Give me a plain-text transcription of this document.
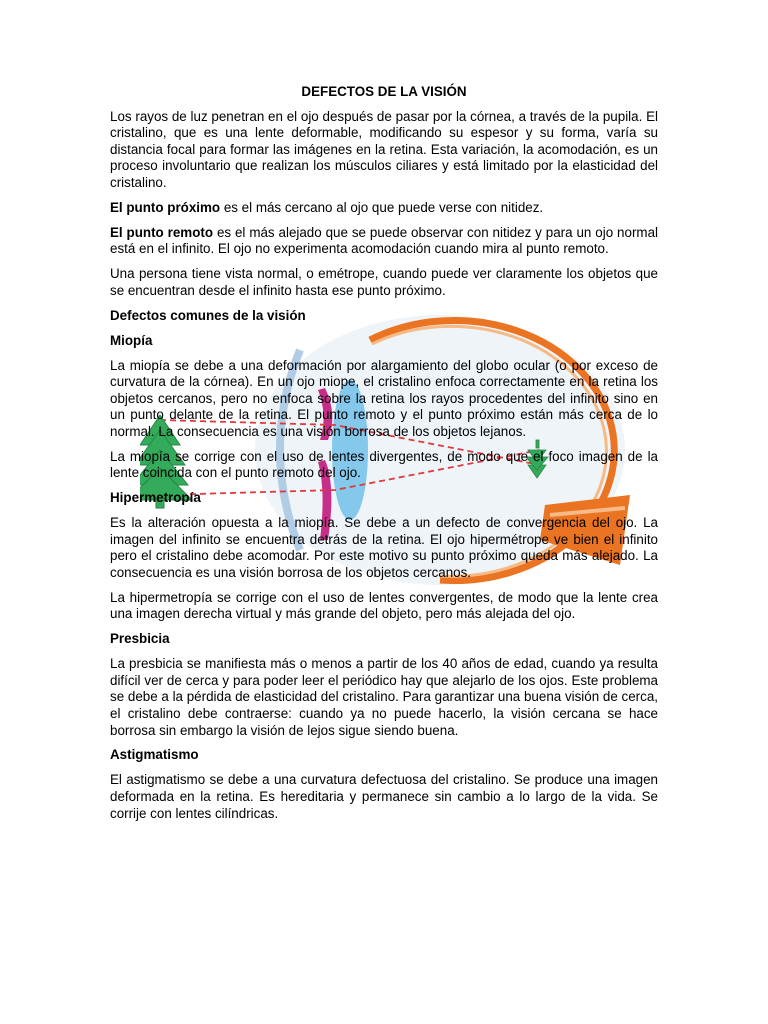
DEFECTOS DE LA VISIÓN

Los rayos de luz penetran en el ojo después de pasar por la córnea, a través de la pupila. El cristalino, que es una lente deformable, modificando su espesor y su forma, varía su distancia focal para formar las imágenes en la retina. Esta variación, la acomodación, es un proceso involuntario que realizan los músculos ciliares y está limitado por la elasticidad del cristalino.

El punto próximo es el más cercano al ojo que puede verse con nitidez.

El punto remoto es el más alejado que se puede observar con nitidez y para un ojo normal está en el infinito. El ojo no experimenta acomodación cuando mira al punto remoto.

Una persona tiene vista normal, o emétrope, cuando puede ver claramente los objetos que se encuentran desde el infinito hasta ese punto próximo.

Defectos comunes de la visión
Miopía

La miopía se debe a una deformación por alargamiento del globo ocular (o por exceso de curvatura de la córnea). En un ojo miope, el cristalino enfoca correctamente en la retina los objetos cercanos, pero no enfoca sobre la retina los rayos procedentes del infinito sino en un punto delante de la retina. El punto remoto y el punto próximo están más cerca de lo normal. La consecuencia es una visión borrosa de los objetos lejanos.

La miopía se corrige con el uso de lentes divergentes, de modo que el foco imagen de la lente coincida con el punto remoto del ojo.

Hipermetropía

Es la alteración opuesta a la miopía. Se debe a un defecto de convergencia del ojo. La imagen del infinito se encuentra detrás de la retina. El ojo hipermétrope ve bien el infinito pero el cristalino debe acomodar. Por este motivo su punto próximo queda más alejado. La consecuencia es una visión borrosa de los objetos cercanos.

La hipermetropía se corrige con el uso de lentes convergentes, de modo que la lente crea una imagen derecha virtual y más grande del objeto, pero más alejada del ojo.

Presbicia

La presbicia se manifiesta más o menos a partir de los 40 años de edad, cuando ya resulta difícil ver de cerca y para poder leer el periódico hay que alejarlo de los ojos. Este problema se debe a la pérdida de elasticidad del cristalino. Para garantizar una buena visión de cerca, el cristalino debe contraerse: cuando ya no puede hacerlo, la visión cercana se hace borrosa sin embargo la visión de lejos sigue siendo buena.

Astigmatismo

El astigmatismo se debe a una curvatura defectuosa del cristalino. Se produce una imagen deformada en la retina. Es hereditaria y permanece sin cambio a lo largo de la vida. Se corrije con lentes cilíndricas.
